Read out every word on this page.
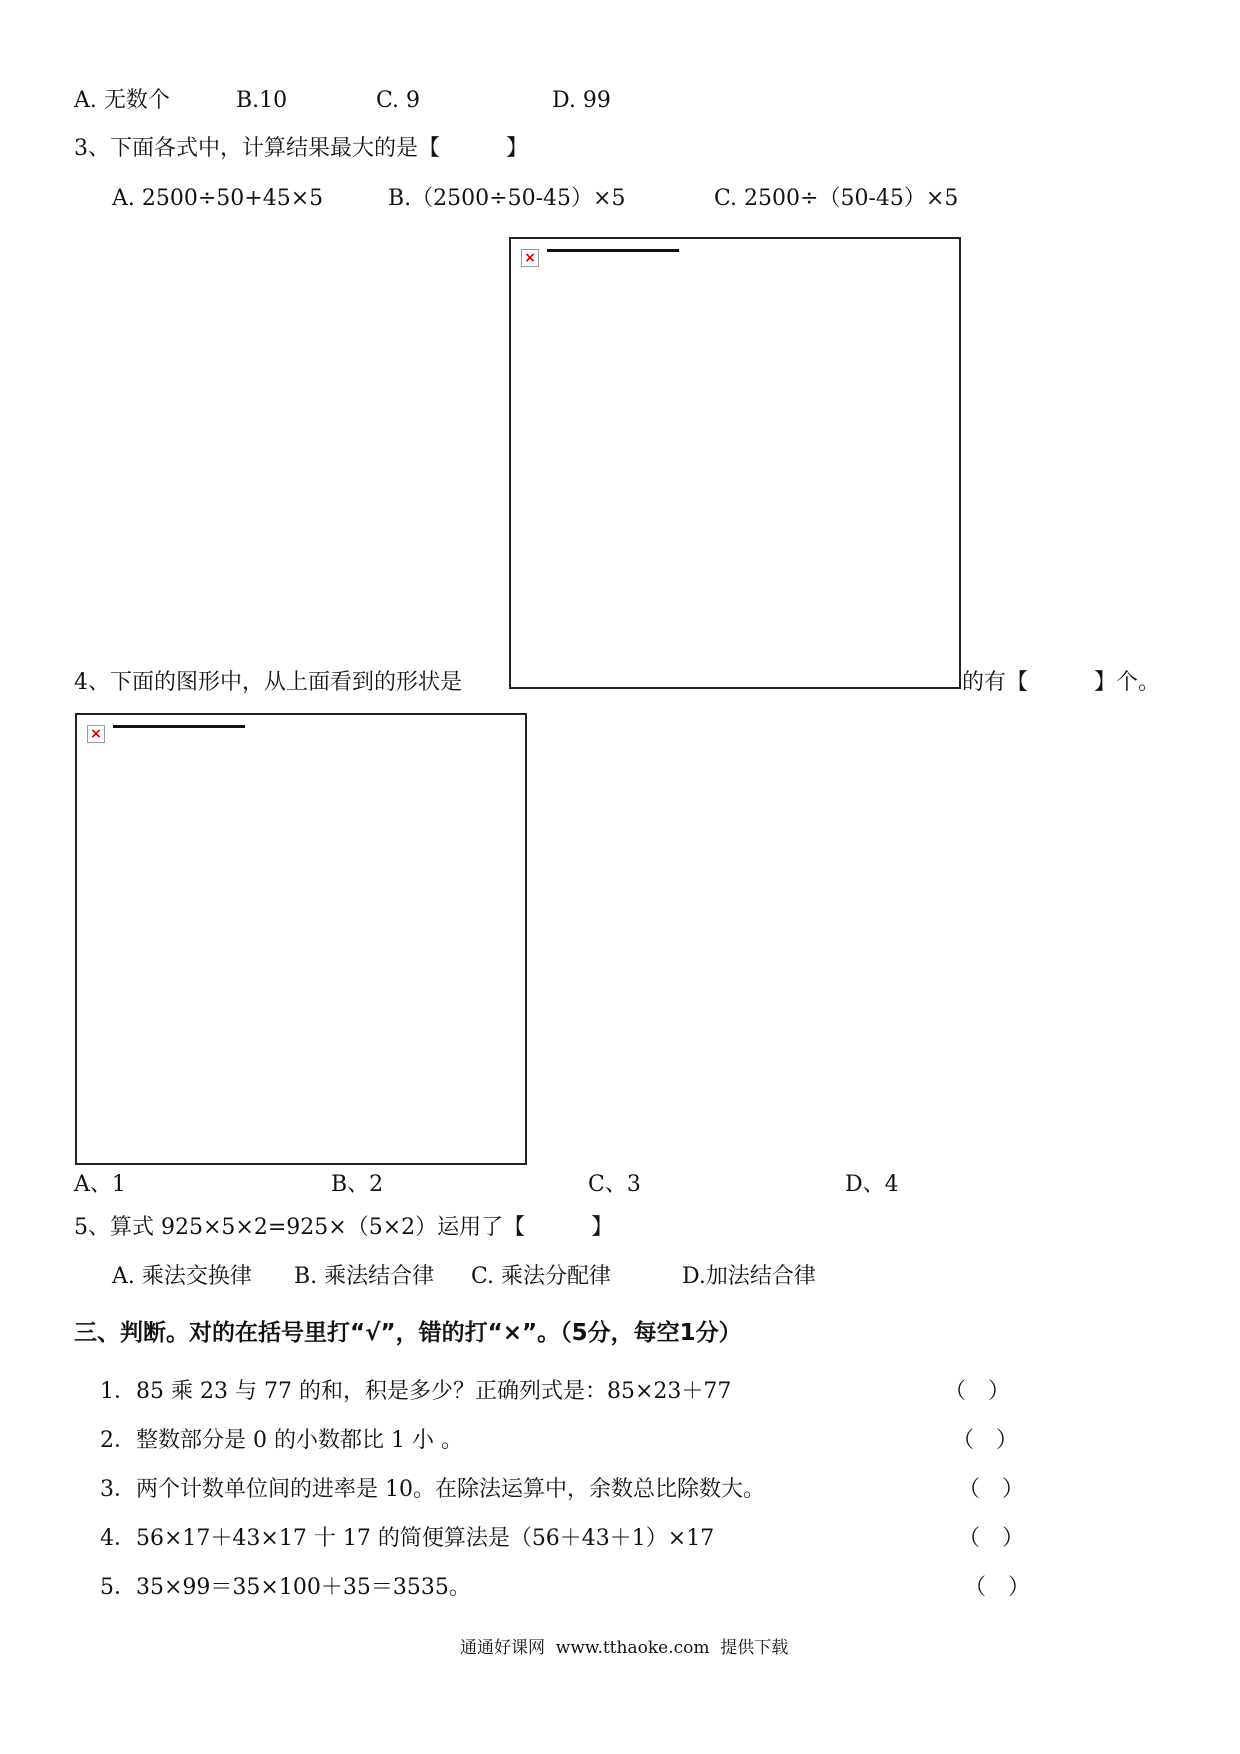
A. 无数个	B.10	C. 9	D. 99
3、下面各式中，计算结果最大的是【　　　】
A. 2500÷50+45×5	B.（2500÷50-45）×5	C. 2500÷（50-45）×5
×
4、下面的图形中，从上面看到的形状是	的有【　　　】个。
×
A、1	B、2	C、3	D、4
5、算式 925×5×2=925×（5×2）运用了【　　　】
A. 乘法交换律 B. 乘法结合律 C. 乘法分配律	D.加法结合律
三、判断。对的在括号里打“√”，错的打“×”。（5分，每空1分）
1．85 乘 23 与 77 的和，积是多少？正确列式是：85×23＋77	（　）
2．整数部分是 0 的小数都比 1 小 。	（　）
3．两个计数单位间的进率是 10。在除法运算中，余数总比除数大。	（　）
4．56×17＋43×17 十 17 的简便算法是（56＋43＋1）×17	（　）
5．35×99＝35×100＋35＝3535。	（　）
通通好课网  www.tthaoke.com  提供下载
